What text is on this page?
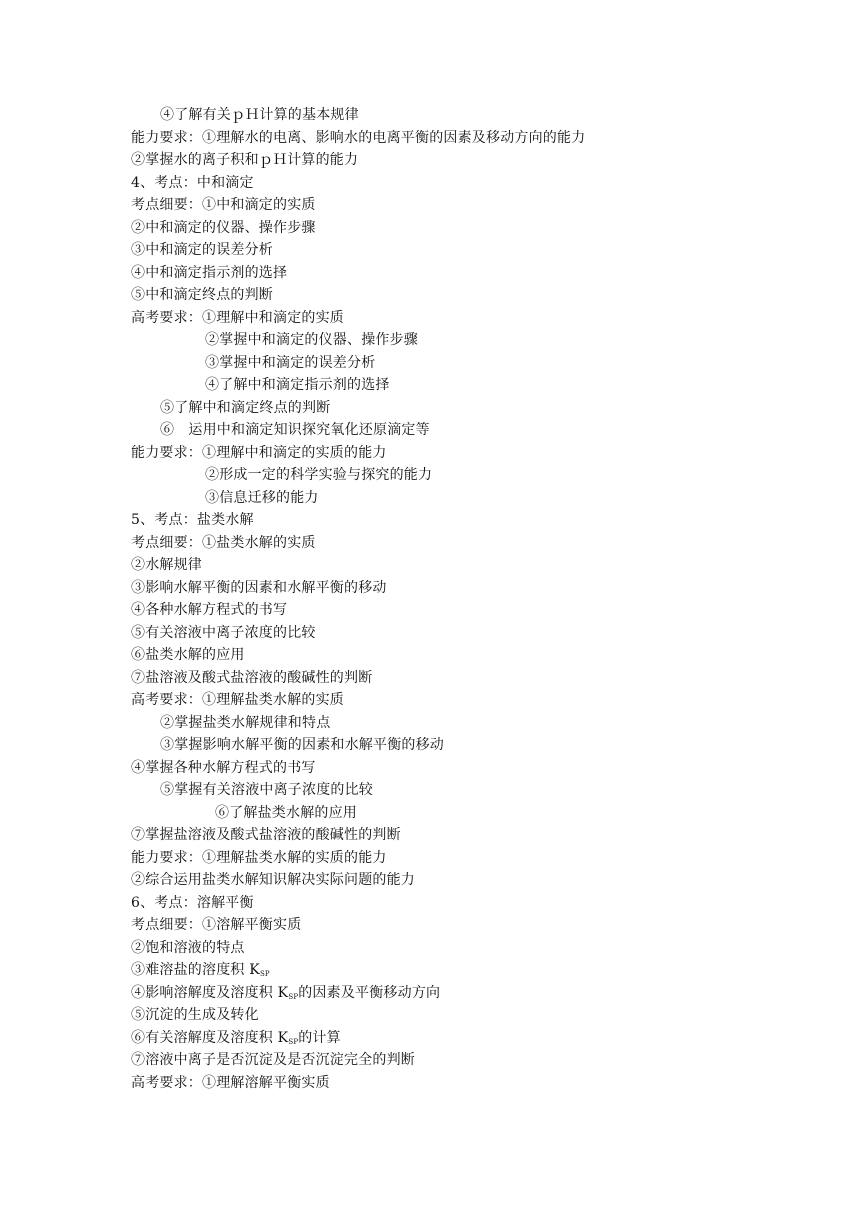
④了解有关ｐＨ计算的基本规律
能力要求：①理解水的电离、影响水的电离平衡的因素及移动方向的能力
②掌握水的离子积和ｐＨ计算的能力
4、考点：中和滴定
考点细要：①中和滴定的实质
②中和滴定的仪器、操作步骤
③中和滴定的误差分析
④中和滴定指示剂的选择
⑤中和滴定终点的判断
高考要求：①理解中和滴定的实质
②掌握中和滴定的仪器、操作步骤
③掌握中和滴定的误差分析
④了解中和滴定指示剂的选择
⑤了解中和滴定终点的判断
⑥　运用中和滴定知识探究氧化还原滴定等
能力要求：①理解中和滴定的实质的能力
②形成一定的科学实验与探究的能力
③信息迁移的能力
5、考点：盐类水解
考点细要：①盐类水解的实质
②水解规律
③影响水解平衡的因素和水解平衡的移动
④各种水解方程式的书写
⑤有关溶液中离子浓度的比较
⑥盐类水解的应用
⑦盐溶液及酸式盐溶液的酸碱性的判断
高考要求：①理解盐类水解的实质
②掌握盐类水解规律和特点
③掌握影响水解平衡的因素和水解平衡的移动
④掌握各种水解方程式的书写
⑤掌握有关溶液中离子浓度的比较
⑥了解盐类水解的应用
⑦掌握盐溶液及酸式盐溶液的酸碱性的判断
能力要求：①理解盐类水解的实质的能力
②综合运用盐类水解知识解决实际问题的能力
6、考点：溶解平衡
考点细要：①溶解平衡实质
②饱和溶液的特点
③难溶盐的溶度积 $K_{SP}$
④影响溶解度及溶度积 $K_{SP}$的因素及平衡移动方向
⑤沉淀的生成及转化
⑥有关溶解度及溶度积 $K_{SP}$的计算
⑦溶液中离子是否沉淀及是否沉淀完全的判断
高考要求：①理解溶解平衡实质
